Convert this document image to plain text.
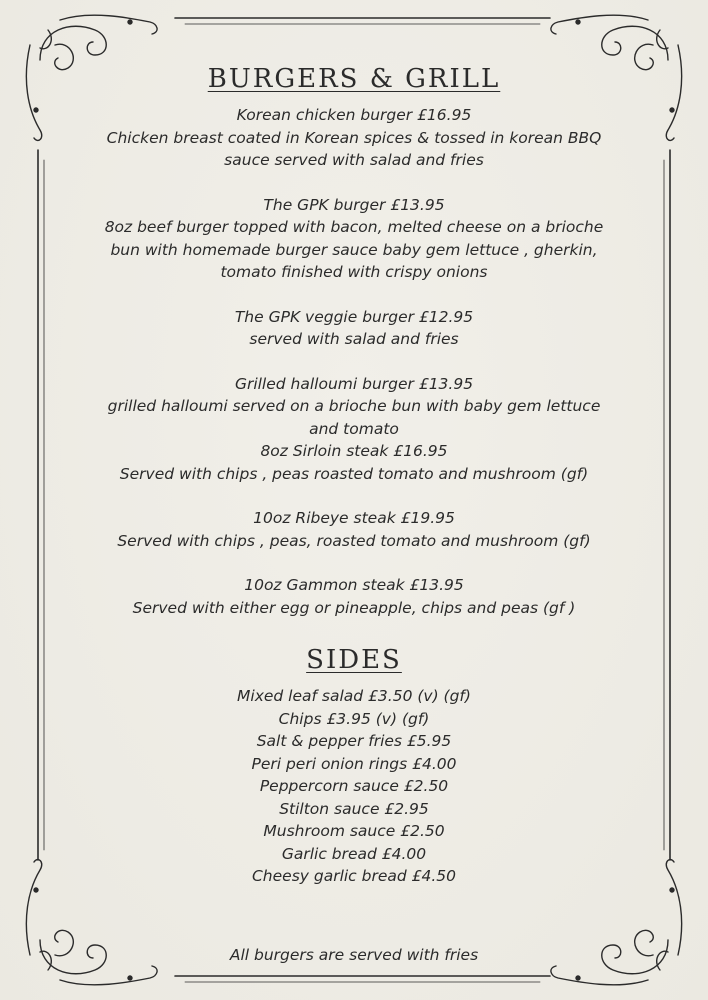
BURGERS & GRILL

Korean chicken burger £16.95

Chicken breast coated in Korean spices & tossed in korean BBQ

sauce served with salad and fries

The GPK burger £13.95

8oz beef burger topped with bacon, melted cheese on a brioche

bun with homemade burger sauce baby gem lettuce , gherkin,

tomato finished with crispy onions

The GPK veggie burger £12.95

served with salad and fries

Grilled halloumi burger £13.95

grilled halloumi served on a brioche bun with baby gem lettuce

and tomato

8oz Sirloin steak £16.95

Served with chips , peas roasted tomato and mushroom (gf)

10oz Ribeye steak £19.95

Served with chips , peas, roasted tomato and mushroom (gf)

10oz Gammon steak £13.95

Served with either egg or pineapple, chips and peas (gf )

SIDES

Mixed leaf salad £3.50 (v) (gf)

Chips £3.95 (v) (gf)

Salt & pepper fries £5.95

Peri peri onion rings £4.00

Peppercorn sauce £2.50

Stilton sauce £2.95

Mushroom sauce £2.50

Garlic bread £4.00

Cheesy garlic bread £4.50

All burgers are served with fries
